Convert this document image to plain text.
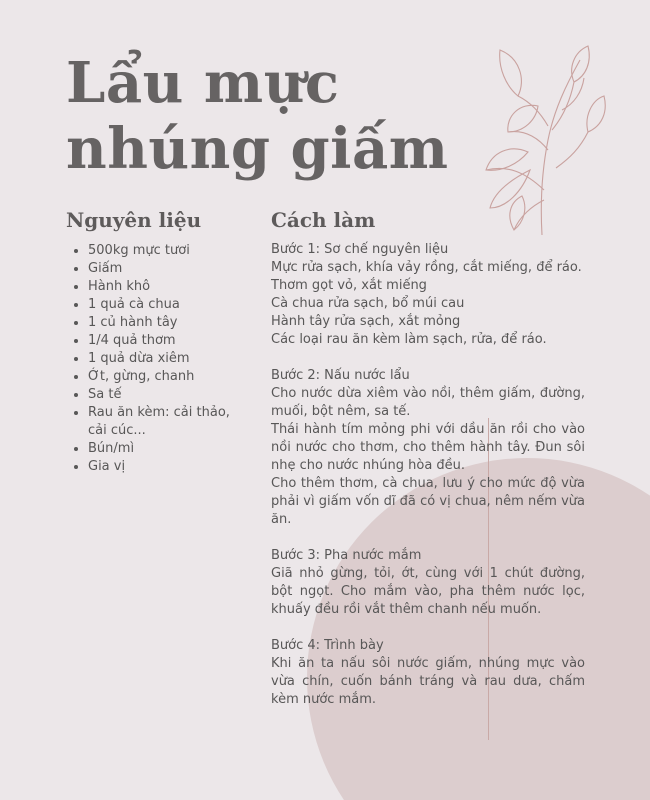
Lẩu mực
nhúng giấm
Nguyên liệu
• 500kg mực tươi
• Giấm
• Hành khô
• 1 quả cà chua
• 1 củ hành tây
• 1/4 quả thơm
• 1 quả dừa xiêm
• Ớt, gừng, chanh
• Sa tế
• Rau ăn kèm: cải thảo, cải cúc...
• Bún/mì
• Gia vị
Cách làm
Bước 1: Sơ chế nguyên liệu
Mực rửa sạch, khía vảy rồng, cắt miếng, để ráo.
Thơm gọt vỏ, xắt miếng
Cà chua rửa sạch, bổ múi cau
Hành tây rửa sạch, xắt mỏng
Các loại rau ăn kèm làm sạch, rửa, để ráo.
Bước 2: Nấu nước lẩu
Cho nước dừa xiêm vào nồi, thêm giấm, đường, muối, bột nêm, sa tế.
Thái hành tím mỏng phi với dầu ăn rồi cho vào nồi nước cho thơm, cho thêm hành tây. Đun sôi nhẹ cho nước nhúng hòa đều.
Cho thêm thơm, cà chua, lưu ý cho mức độ vừa phải vì giấm vốn dĩ đã có vị chua, nêm nếm vừa ăn.
Bước 3: Pha nước mắm
Giã nhỏ gừng, tỏi, ớt, cùng với 1 chút đường, bột ngọt. Cho mắm vào, pha thêm nước lọc, khuấy đều rồi vắt thêm chanh nếu muốn.
Bước 4: Trình bày
Khi ăn ta nấu sôi nước giấm, nhúng mực vào vừa chín, cuốn bánh tráng và rau dưa, chấm kèm nước mắm.
